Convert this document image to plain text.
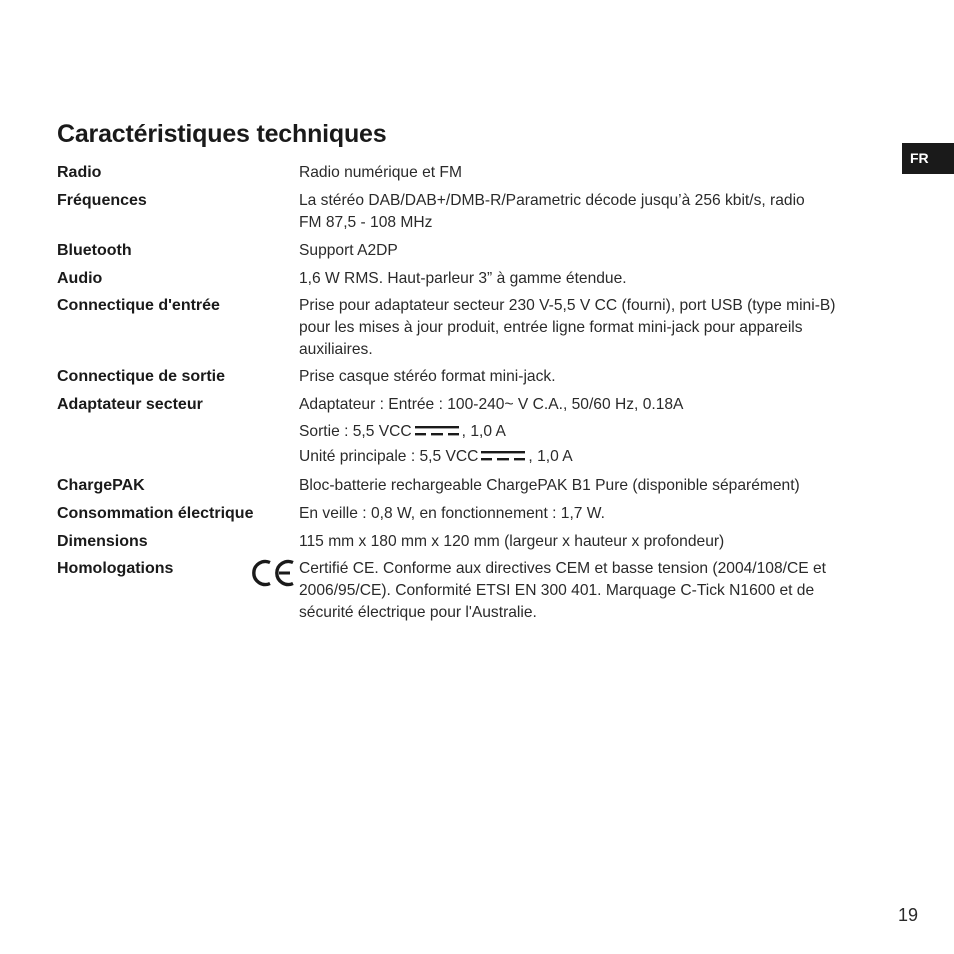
Caractéristiques techniques
FR
Radio	Radio numérique et FM
Fréquences	La stéréo DAB/DAB+/DMB-R/Parametric décode jusqu’à 256 kbit/s, radio
FM 87,5 - 108 MHz
Bluetooth	Support A2DP
Audio	1,6 W RMS. Haut-parleur 3” à gamme étendue.
Connectique d'entrée	Prise pour adaptateur secteur 230 V-5,5 V CC (fourni), port USB (type mini-B)
pour les mises à jour produit, entrée ligne format mini-jack pour appareils
auxiliaires.
Connectique de sortie	Prise casque stéréo format mini-jack.
Adaptateur secteur	Adaptateur : Entrée : 100-240~ V C.A., 50/60 Hz, 0.18A
Sortie : 5,5 VCC	, 1,0 A
Unité principale : 5,5 VCC	, 1,0 A
ChargePAK	Bloc-batterie rechargeable ChargePAK B1 Pure (disponible séparément)
Consommation électrique	En veille : 0,8 W, en fonctionnement : 1,7 W.
Dimensions	115 mm x 180 mm x 120 mm (largeur x hauteur x profondeur)
Homologations	Certifié CE. Conforme aux directives CEM et basse tension (2004/108/CE et
2006/95/CE). Conformité ETSI EN 300 401. Marquage C-Tick N1600 et de
sécurité électrique pour l'Australie.
19
